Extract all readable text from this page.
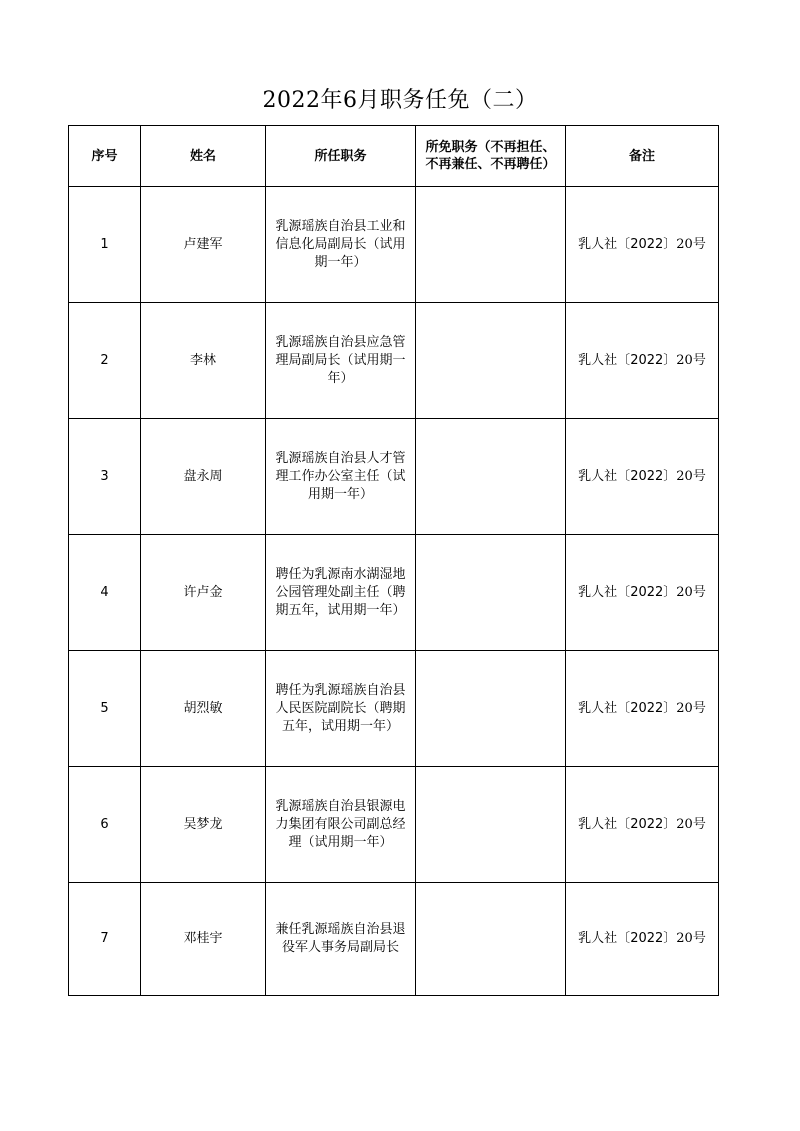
2022年6月职务任免（二）
序号	姓名	所任职务	所免职务（不再担任、不再兼任、不再聘任）	备注
1	卢建军	乳源瑶族自治县工业和信息化局副局长（试用期一年）		乳人社〔2022〕20号
2	李林	乳源瑶族自治县应急管理局副局长（试用期一年）		乳人社〔2022〕20号
3	盘永周	乳源瑶族自治县人才管理工作办公室主任（试用期一年）		乳人社〔2022〕20号
4	许卢金	聘任为乳源南水湖湿地公园管理处副主任（聘期五年，试用期一年）		乳人社〔2022〕20号
5	胡烈敏	聘任为乳源瑶族自治县人民医院副院长（聘期五年，试用期一年）		乳人社〔2022〕20号
6	吴梦龙	乳源瑶族自治县银源电力集团有限公司副总经理（试用期一年）		乳人社〔2022〕20号
7	邓桂宇	兼任乳源瑶族自治县退役军人事务局副局长		乳人社〔2022〕20号
